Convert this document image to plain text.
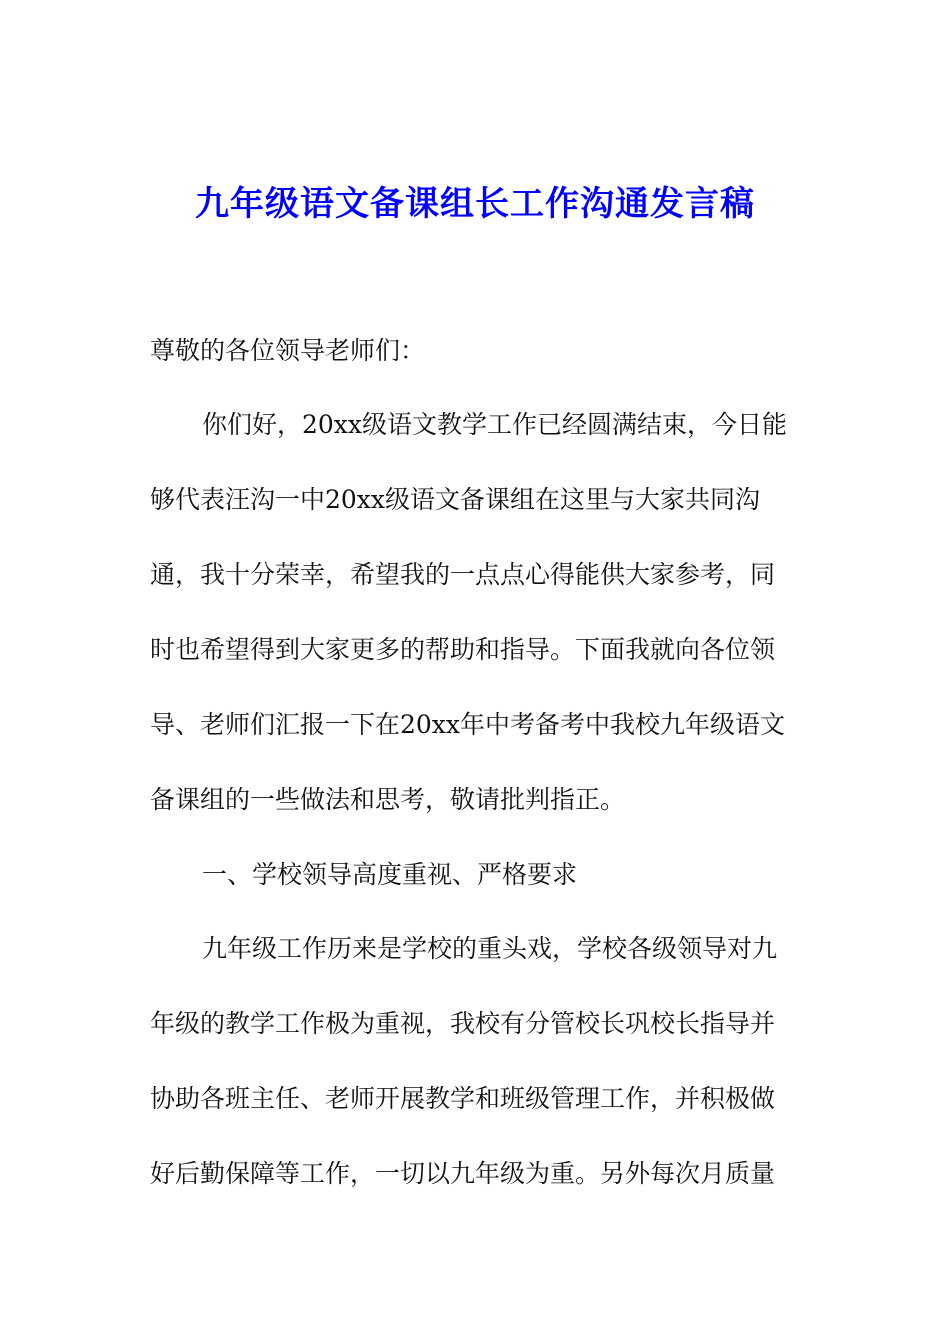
九年级语文备课组长工作沟通发言稿
尊敬的各位领导老师们：
你们好，20xx级语文教学工作已经圆满结束，今日能
够代表汪沟一中20xx级语文备课组在这里与大家共同沟
通，我十分荣幸，希望我的一点点心得能供大家参考，同
时也希望得到大家更多的帮助和指导。下面我就向各位领
导、老师们汇报一下在20xx年中考备考中我校九年级语文
备课组的一些做法和思考，敬请批判指正。
一、学校领导高度重视、严格要求
九年级工作历来是学校的重头戏，学校各级领导对九
年级的教学工作极为重视，我校有分管校长巩校长指导并
协助各班主任、老师开展教学和班级管理工作，并积极做
好后勤保障等工作，一切以九年级为重。另外每次月质量
